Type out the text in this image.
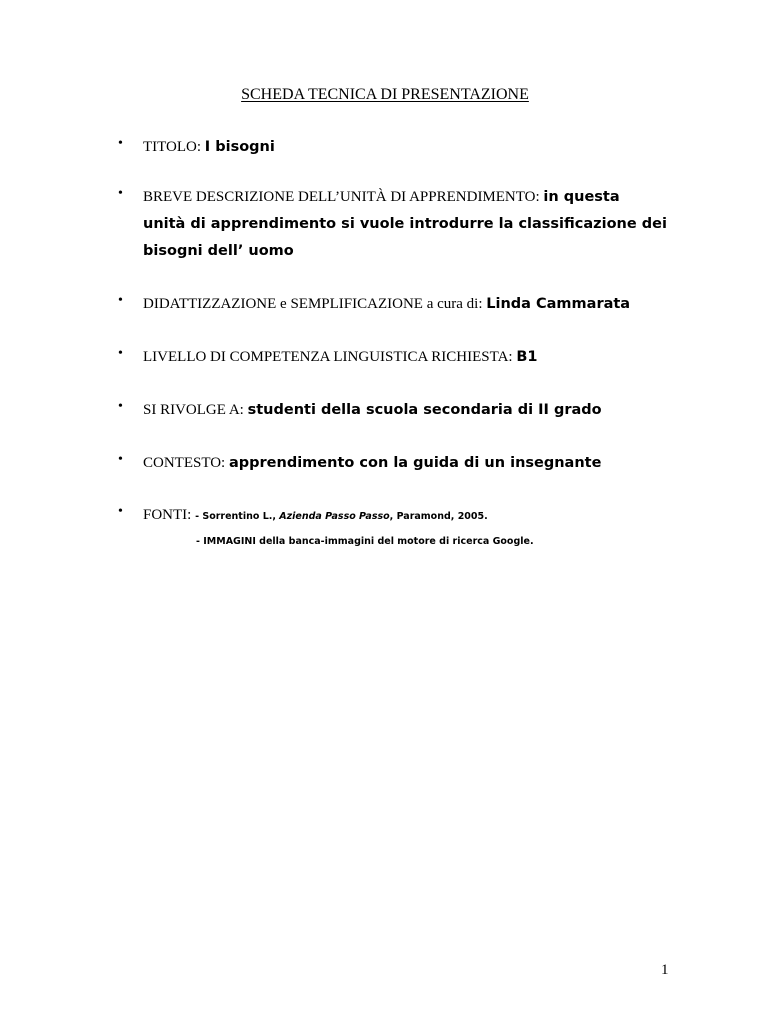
SCHEDA TECNICA DI PRESENTAZIONE
• TITOLO: I bisogni
• BREVE DESCRIZIONE DELL’UNITÀ DI APPRENDIMENTO: in questa
unità di apprendimento si vuole introdurre la classificazione dei
bisogni dell’ uomo
• DIDATTIZZAZIONE e SEMPLIFICAZIONE a cura di: Linda Cammarata
• LIVELLO DI COMPETENZA LINGUISTICA RICHIESTA: B1
• SI RIVOLGE A: studenti della scuola secondaria di II grado
• CONTESTO: apprendimento con la guida di un insegnante
• FONTI: - Sorrentino L., Azienda Passo Passo, Paramond, 2005.
- IMMAGINI della banca-immagini del motore di ricerca Google.
1
